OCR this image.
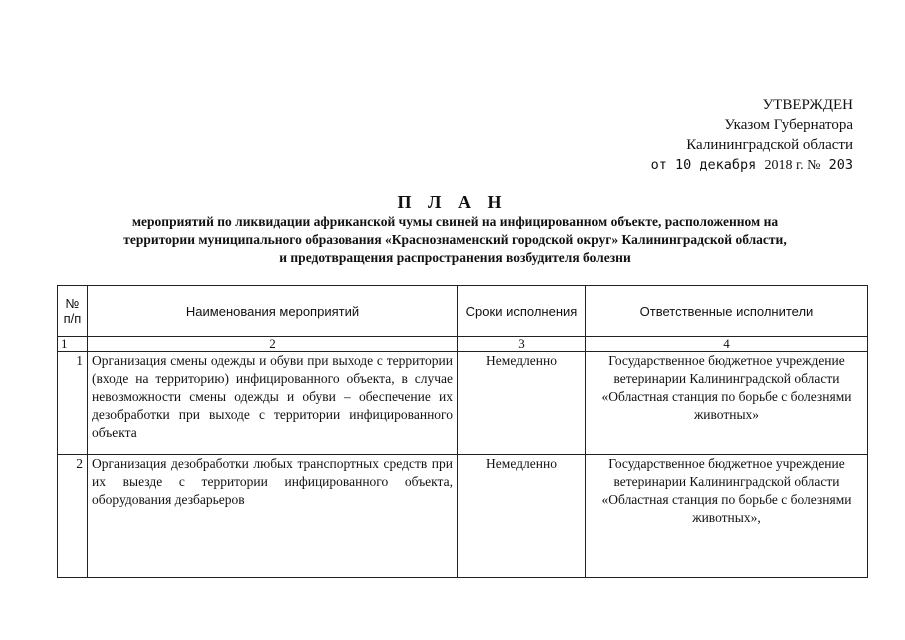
УТВЕРЖДЕН
Указом Губернатора
Калининградской области
от 10 декабря 2018 г. № 203
П Л А Н
мероприятий по ликвидации африканской чумы свиней на инфицированном объекте, расположенном на
территории муниципального образования «Краснознаменский городской округ» Калининградской области,
и предотвращения распространения возбудителя болезни
№ п/п	Наименования мероприятий	Сроки исполнения	Ответственные исполнители
1	2	3	4
1	Организация смены одежды и обуви при выходе с территории (входе на территорию) инфицированного объекта, в случае невозможности смены одежды и обуви – обеспечение их дезобработки при выходе с территории инфицированного объекта	Немедленно	Государственное бюджетное учреждение ветеринарии Калининградской области «Областная станция по борьбе с болезнями животных»
2	Организация дезобработки любых транспортных средств при их выезде с территории инфицированного объекта, оборудования дезбарьеров	Немедленно	Государственное бюджетное учреждение ветеринарии Калининградской области «Областная станция по борьбе с болезнями животных»,
